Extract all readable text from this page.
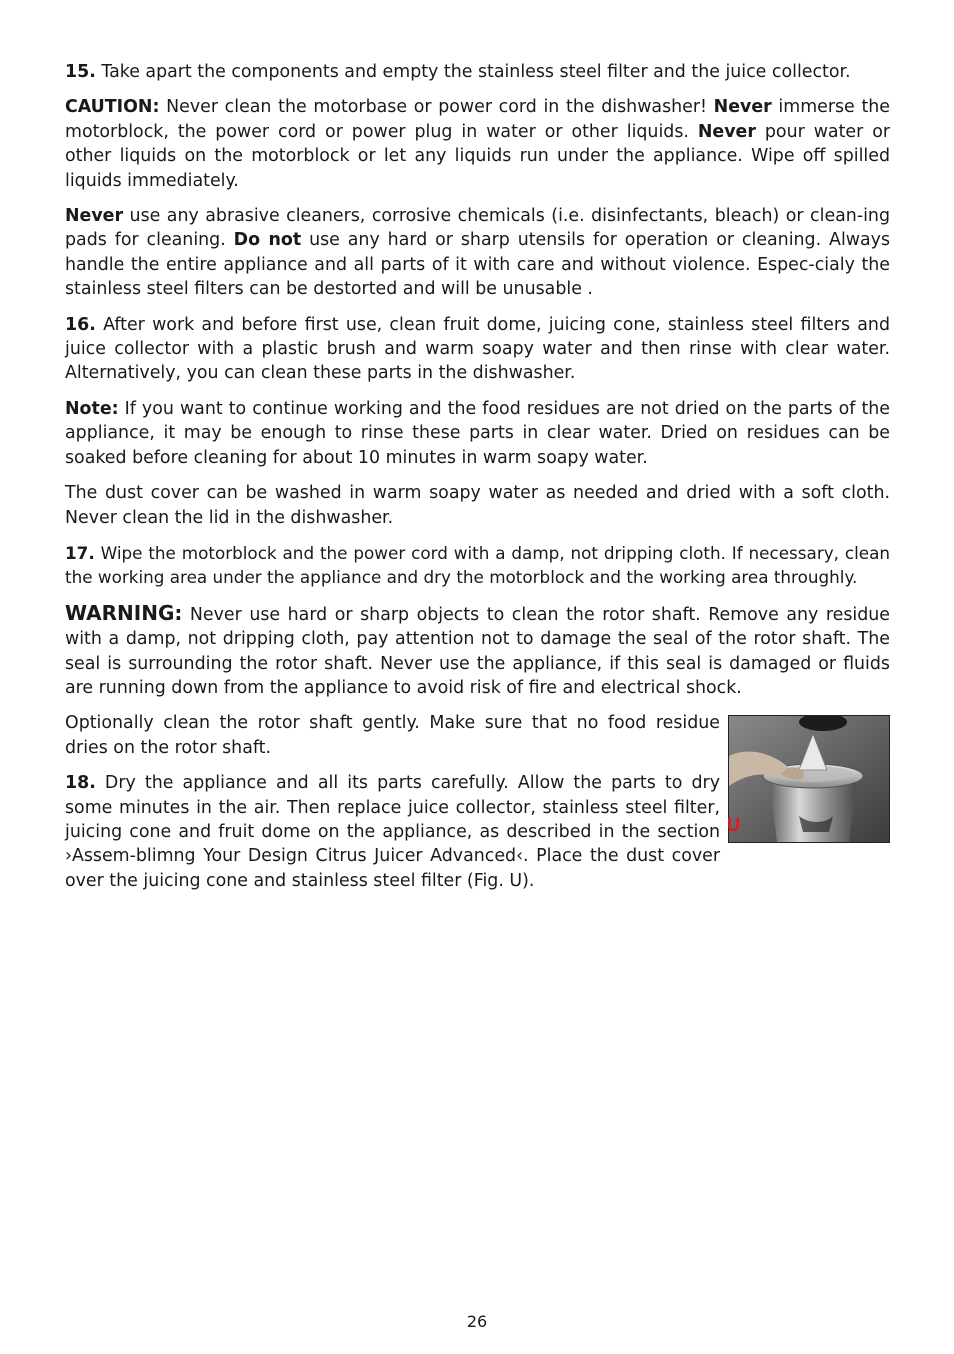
15. Take apart the components and empty the stainless steel filter and the juice collector.

CAUTION: Never clean the motorbase or power cord in the dishwasher! Never immerse the motorblock, the power cord or power plug in water or other liquids. Never pour water or other liquids on the motorblock or let any liquids run under the appliance. Wipe off spilled liquids immediately.

Never use any abrasive cleaners, corrosive chemicals (i.e. disinfectants, bleach) or clean-ing pads for cleaning. Do not use any hard or sharp utensils for operation or cleaning. Always handle the entire appliance and all parts of it with care and without violence. Espec-cialy the stainless steel filters can be destorted and will be unusable .

16. After work and before first use, clean fruit dome, juicing cone, stainless steel filters and juice collector with a plastic brush and warm soapy water and then rinse with clear water. Alternatively, you can clean these parts in the dishwasher.

Note: If you want to continue working and the food residues are not dried on the parts of the appliance, it may be enough to rinse these parts in clear water. Dried on residues can be soaked before cleaning for about 10 minutes in warm soapy water.

The dust cover can be washed in warm soapy water as needed and dried with a soft cloth. Never clean the lid in the dishwasher.

17. Wipe the motorblock and the power cord with a damp, not dripping cloth. If necessary, clean the working area under the appliance and dry the motorblock and the working area throughly.

WARNING: Never use hard or sharp objects to clean the rotor shaft. Remove any residue with a damp, not dripping cloth, pay attention not to damage the seal of the rotor shaft. The seal is surrounding the rotor shaft. Never use the appliance, if this seal is damaged or fluids are running down from the appliance to avoid risk of fire and electrical shock.

U

Optionally clean the rotor shaft gently. Make sure that no food residue dries on the rotor shaft.

18. Dry the appliance and all its parts carefully. Allow the parts to dry some minutes in the air. Then replace juice collector, stainless steel filter, juicing cone and fruit dome on the appliance, as described in the section ›Assem-blimng Your Design Citrus Juicer Advanced‹. Place the dust cover over the juicing cone and stainless steel filter (Fig. U).

26
